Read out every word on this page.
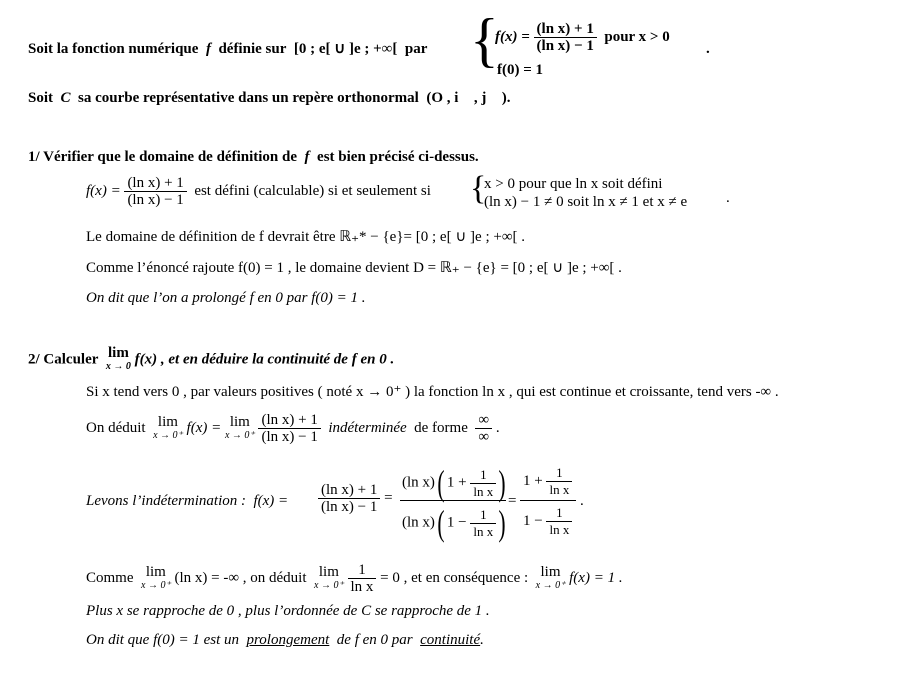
Soit la fonction numérique f définie sur [0 ; e[ ∪ ]e ; +∞[ par {
$f(x) = \frac{\text{(ln x) + 1}}{\text{(ln x) − 1}}$ pour x > 0
.
f(0) = 1
Soit C sa courbe représentative dans un repère orthonormal (O , i⃗ , j⃗ ).
1/ Vérifier que le domaine de définition de f est bien précisé ci-dessus.
$f(x) = \frac{\text{(ln x) + 1}}{\text{(ln x) − 1}}$ est défini (calculable) si et seulement si {
x > 0 pour que ln x soit défini
(ln x) − 1 ≠ 0 soit ln x ≠ 1 et x ≠ e	.
Le domaine de définition de f devrait être ℝ₊* − {e}= [0 ; e[ ∪ ]e ; +∞[ .
Comme l’énoncé rajoute f(0) = 1 , le domaine devient D = ℝ₊ − {e} = [0 ; e[ ∪ ]e ; +∞[ .
On dit que l’on a prolongé f en 0 par f(0) = 1 .
2/ Calculer lim
x → 0 f(x) , et en déduire la continuité de f en 0 .
Si x tend vers 0 , par valeurs positives ( noté x → 0⁺ ) la fonction ln x , qui est continue et croissante, tend vers -∞ .
On déduit lim
x → 0⁺ f(x) = lim
x → 0⁺
$\frac{\text{(ln x) + 1}}{\text{(ln x) − 1}}$ indéterminée de forme $\frac{\infty}{\infty}$ .
Levons l’indétermination : $f(x) = \frac{\text{(ln x) + 1}}{\text{(ln x) − 1}}$ =
(ln x)( $1 + \frac{1}{\text{ln x}}$ )
(ln x)( $1 - \frac{1}{\text{ln x}}$ )
=
$1 + \frac{1}{\text{ln x}}$
$1 - \frac{1}{\text{ln x}}$
.
Comme lim
x → 0⁺ (ln x) = -∞ , on déduit lim
x → 0⁺
$\frac{1}{\text{ln x}} = 0$ , et en conséquence : lim
x → 0⁺ f(x) = 1 .
Plus x se rapproche de 0 , plus l’ordonnée de C se rapproche de 1 .
On dit que f(0) = 1 est un prolongement de f en 0 par continuité.
